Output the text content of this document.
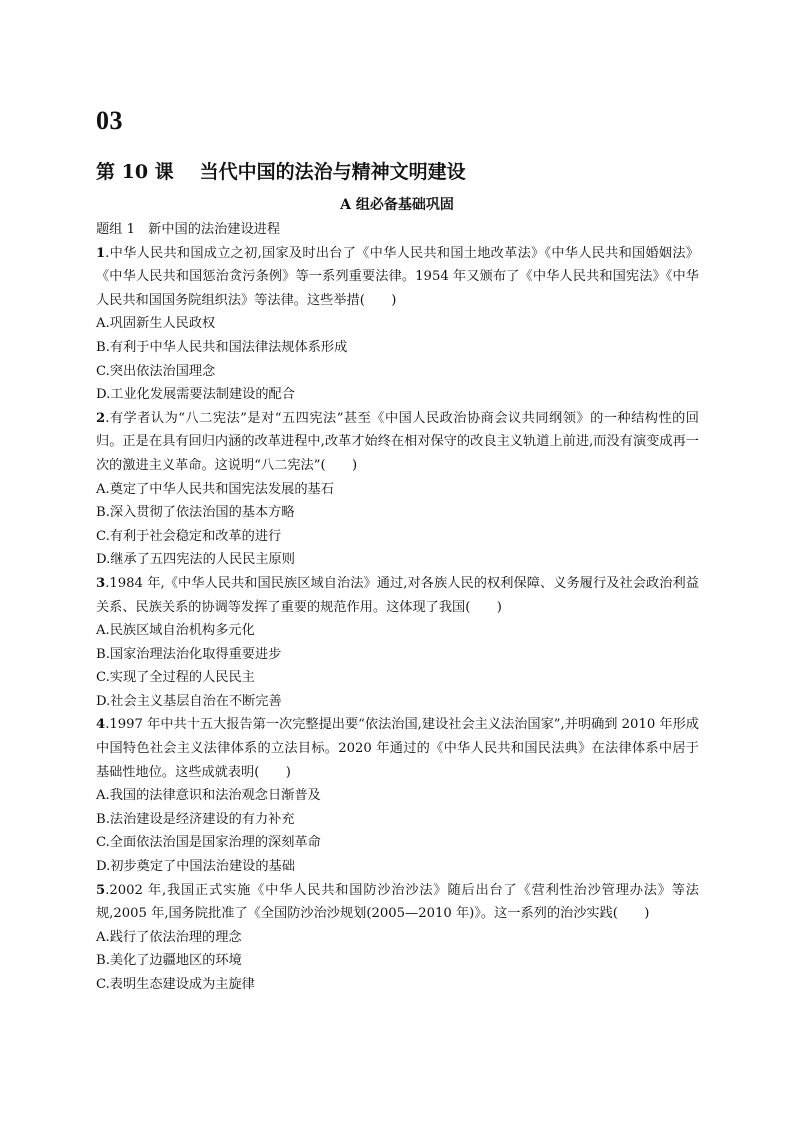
03
第 10 课 当代中国的法治与精神文明建设
A 组必备基础巩固
题组 1　新中国的法治建设进程
1.中华人民共和国成立之初,国家及时出台了《中华人民共和国土地改革法》《中华人民共和国婚姻法》《中华人民共和国惩治贪污条例》等一系列重要法律。1954 年又颁布了《中华人民共和国宪法》《中华人民共和国国务院组织法》等法律。这些举措(　　)
A.巩固新生人民政权
B.有利于中华人民共和国法律法规体系形成
C.突出依法治国理念
D.工业化发展需要法制建设的配合
2.有学者认为“八二宪法”是对“五四宪法”甚至《中国人民政治协商会议共同纲领》的一种结构性的回归。正是在具有回归内涵的改革进程中,改革才始终在相对保守的改良主义轨道上前进,而没有演变成再一次的激进主义革命。这说明“八二宪法”(　　)
A.奠定了中华人民共和国宪法发展的基石
B.深入贯彻了依法治国的基本方略
C.有利于社会稳定和改革的进行
D.继承了五四宪法的人民民主原则
3.1984 年,《中华人民共和国民族区域自治法》通过,对各族人民的权利保障、义务履行及社会政治利益关系、民族关系的协调等发挥了重要的规范作用。这体现了我国(　　)
A.民族区域自治机构多元化
B.国家治理法治化取得重要进步
C.实现了全过程的人民民主
D.社会主义基层自治在不断完善
4.1997 年中共十五大报告第一次完整提出要“依法治国,建设社会主义法治国家”,并明确到 2010 年形成中国特色社会主义法律体系的立法目标。2020 年通过的《中华人民共和国民法典》在法律体系中居于基础性地位。这些成就表明(　　)
A.我国的法律意识和法治观念日渐普及
B.法治建设是经济建设的有力补充
C.全面依法治国是国家治理的深刻革命
D.初步奠定了中国法治建设的基础
5.2002 年,我国正式实施《中华人民共和国防沙治沙法》随后出台了《营利性治沙管理办法》等法规,2005 年,国务院批准了《全国防沙治沙规划(2005—2010 年)》。这一系列的治沙实践(　　)
A.践行了依法治理的理念
B.美化了边疆地区的环境
C.表明生态建设成为主旋律
